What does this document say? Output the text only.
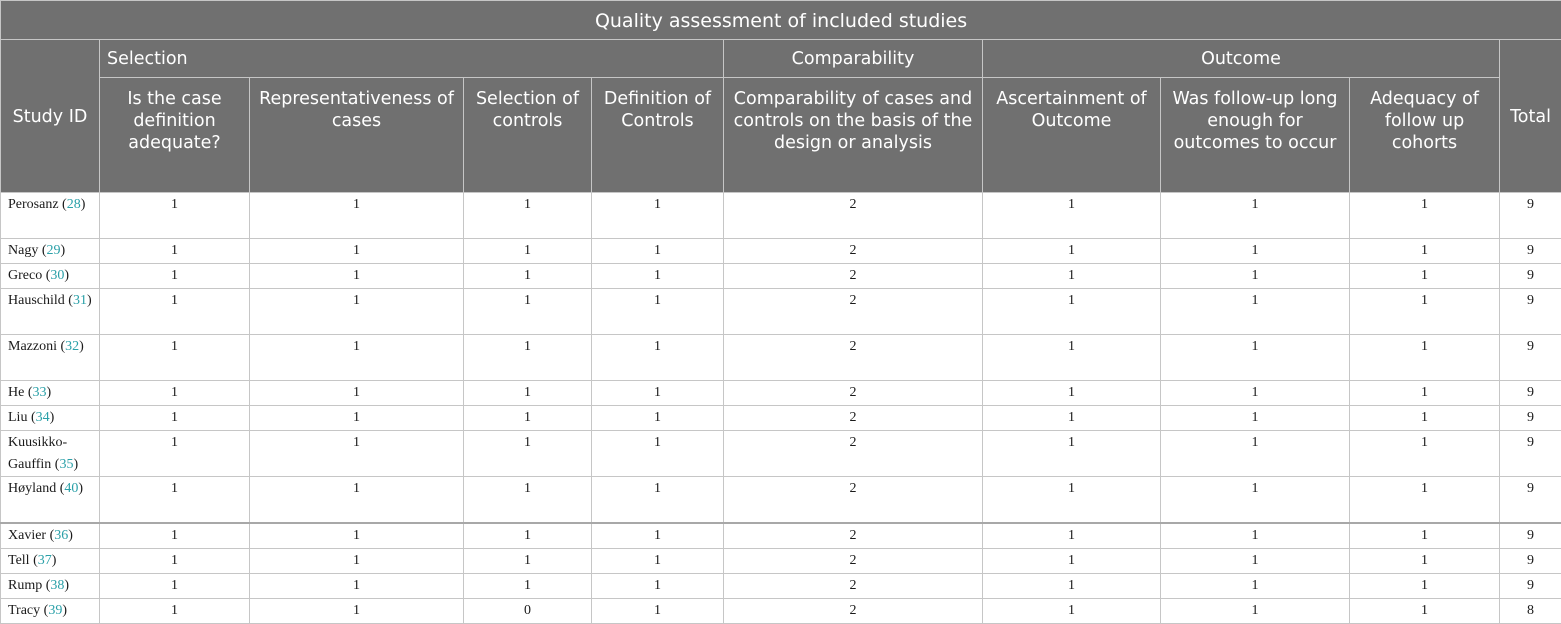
Quality assessment of included studies									
Study ID	Selection				Comparability	Outcome			Total
	Is the case definition adequate?	Representativeness of cases	Selection of controls	Definition of Controls	Comparability of cases and controls on the basis of the design or analysis	Ascertainment of Outcome	Was follow-up long enough for outcomes to occur	Adequacy of follow up cohorts	
Perosanz (28)	1	1	1	1	2	1	1	1	9
Nagy (29)	1	1	1	1	2	1	1	1	9
Greco (30)	1	1	1	1	2	1	1	1	9
Hauschild (31)	1	1	1	1	2	1	1	1	9
Mazzoni (32)	1	1	1	1	2	1	1	1	9
He (33)	1	1	1	1	2	1	1	1	9
Liu (34)	1	1	1	1	2	1	1	1	9
Kuusikko-Gauffin (35)	1	1	1	1	2	1	1	1	9
Høyland (40)	1	1	1	1	2	1	1	1	9
Xavier (36)	1	1	1	1	2	1	1	1	9
Tell (37)	1	1	1	1	2	1	1	1	9
Rump (38)	1	1	1	1	2	1	1	1	9
Tracy (39)	1	1	0	1	2	1	1	1	8
